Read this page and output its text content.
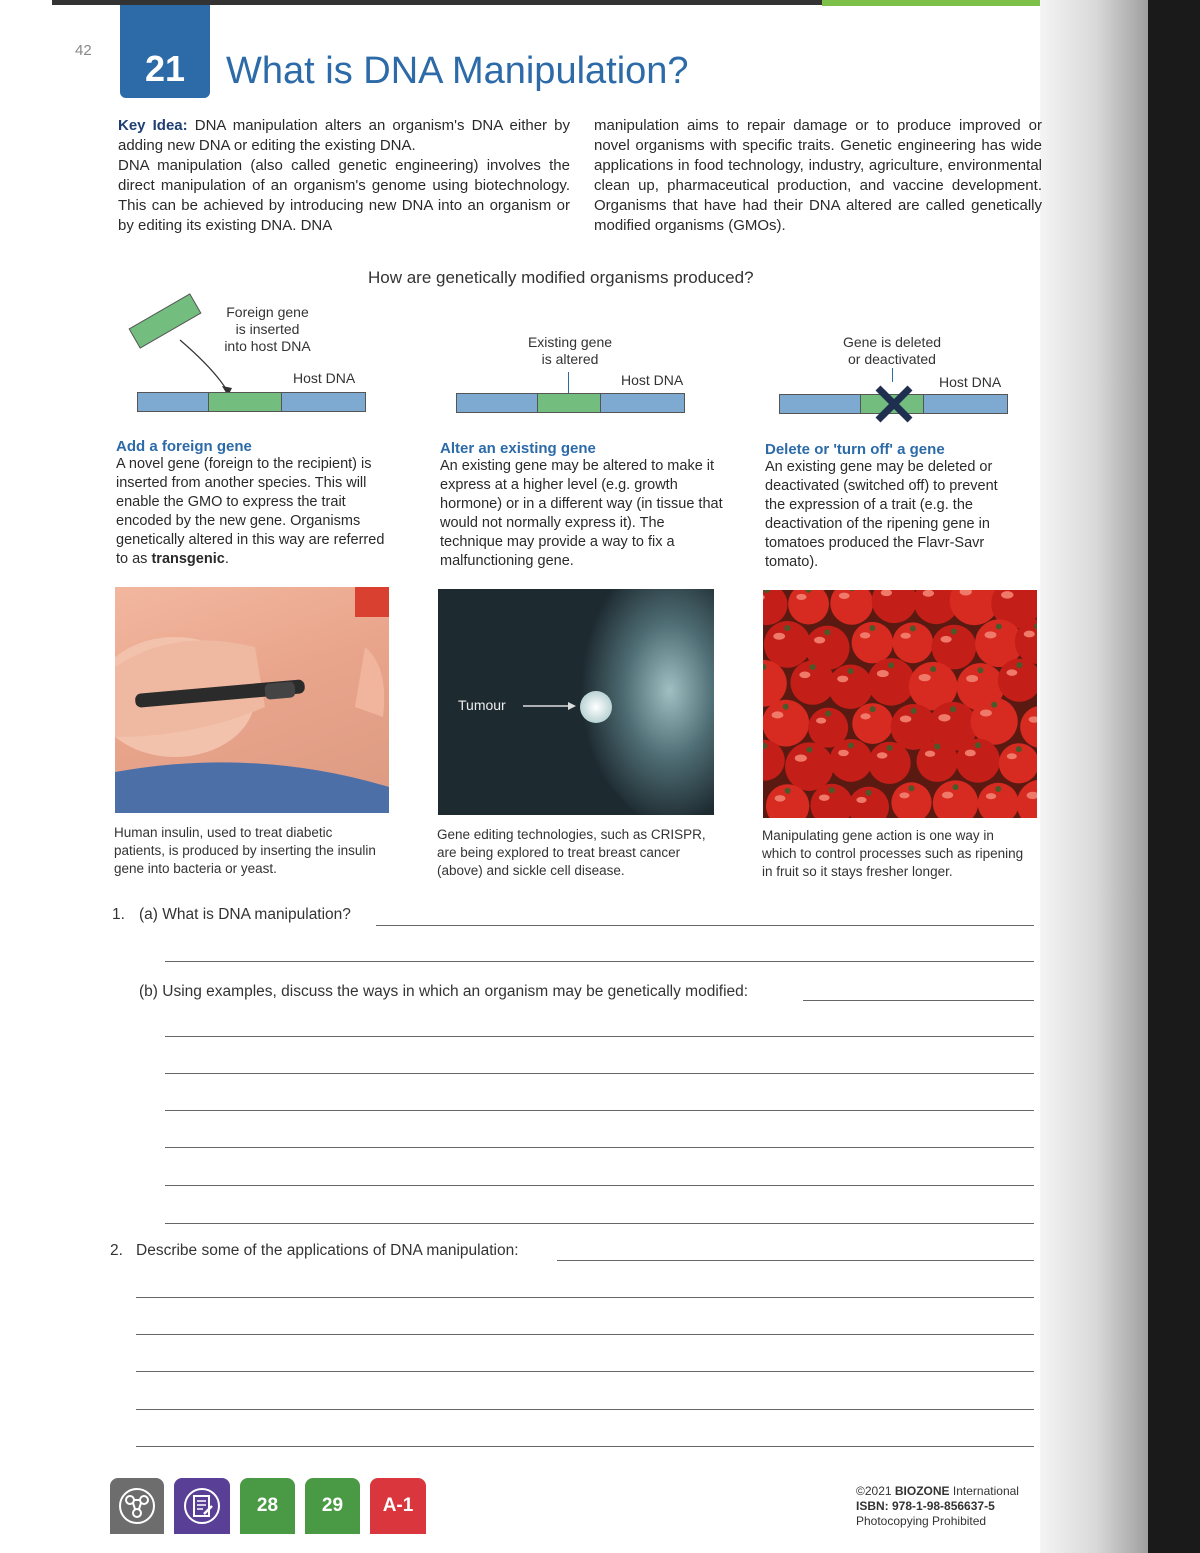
42 21 What is DNA Manipulation?
Key Idea: DNA manipulation alters an organism's DNA either by adding new DNA or editing the existing DNA.
DNA manipulation (also called genetic engineering) involves the direct manipulation of an organism's genome using biotechnology. This can be achieved by introducing new DNA into an organism or by editing its existing DNA. DNA
manipulation aims to repair damage or to produce improved or novel organisms with specific traits. Genetic engineering has wide applications in food technology, industry, agriculture, environmental clean up, pharmaceutical production, and vaccine development. Organisms that have had their DNA altered are called genetically modified organisms (GMOs).
How are genetically modified organisms produced?
Foreign gene
is inserted
into host DNA
Host DNA
Existing gene
is altered
Host DNA
Gene is deleted
or deactivated
Host DNA
Add a foreign gene
A novel gene (foreign to the recipient) is inserted from another species. This will enable the GMO to express the trait encoded by the new gene. Organisms genetically altered in this way are referred to as transgenic.
Alter an existing gene
An existing gene may be altered to make it express at a higher level (e.g. growth hormone) or in a different way (in tissue that would not normally express it). The technique may provide a way to fix a malfunctioning gene.
Delete or 'turn off' a gene
An existing gene may be deleted or deactivated (switched off) to prevent the expression of a trait (e.g. the deactivation of the ripening gene in tomatoes produced the Flavr-Savr tomato).
Human insulin, used to treat diabetic patients, is produced by inserting the insulin gene into bacteria or yeast.
Tumour
Gene editing technologies, such as CRISPR, are being explored to treat breast cancer (above) and sickle cell disease.
Manipulating gene action is one way in which to control processes such as ripening in fruit so it stays fresher longer.
1. (a) What is DNA manipulation?
(b) Using examples, discuss the ways in which an organism may be genetically modified:
2. Describe some of the applications of DNA manipulation:
28	29	A-1
©2021 BIOZONE International
ISBN: 978-1-98-856637-5
Photocopying Prohibited
